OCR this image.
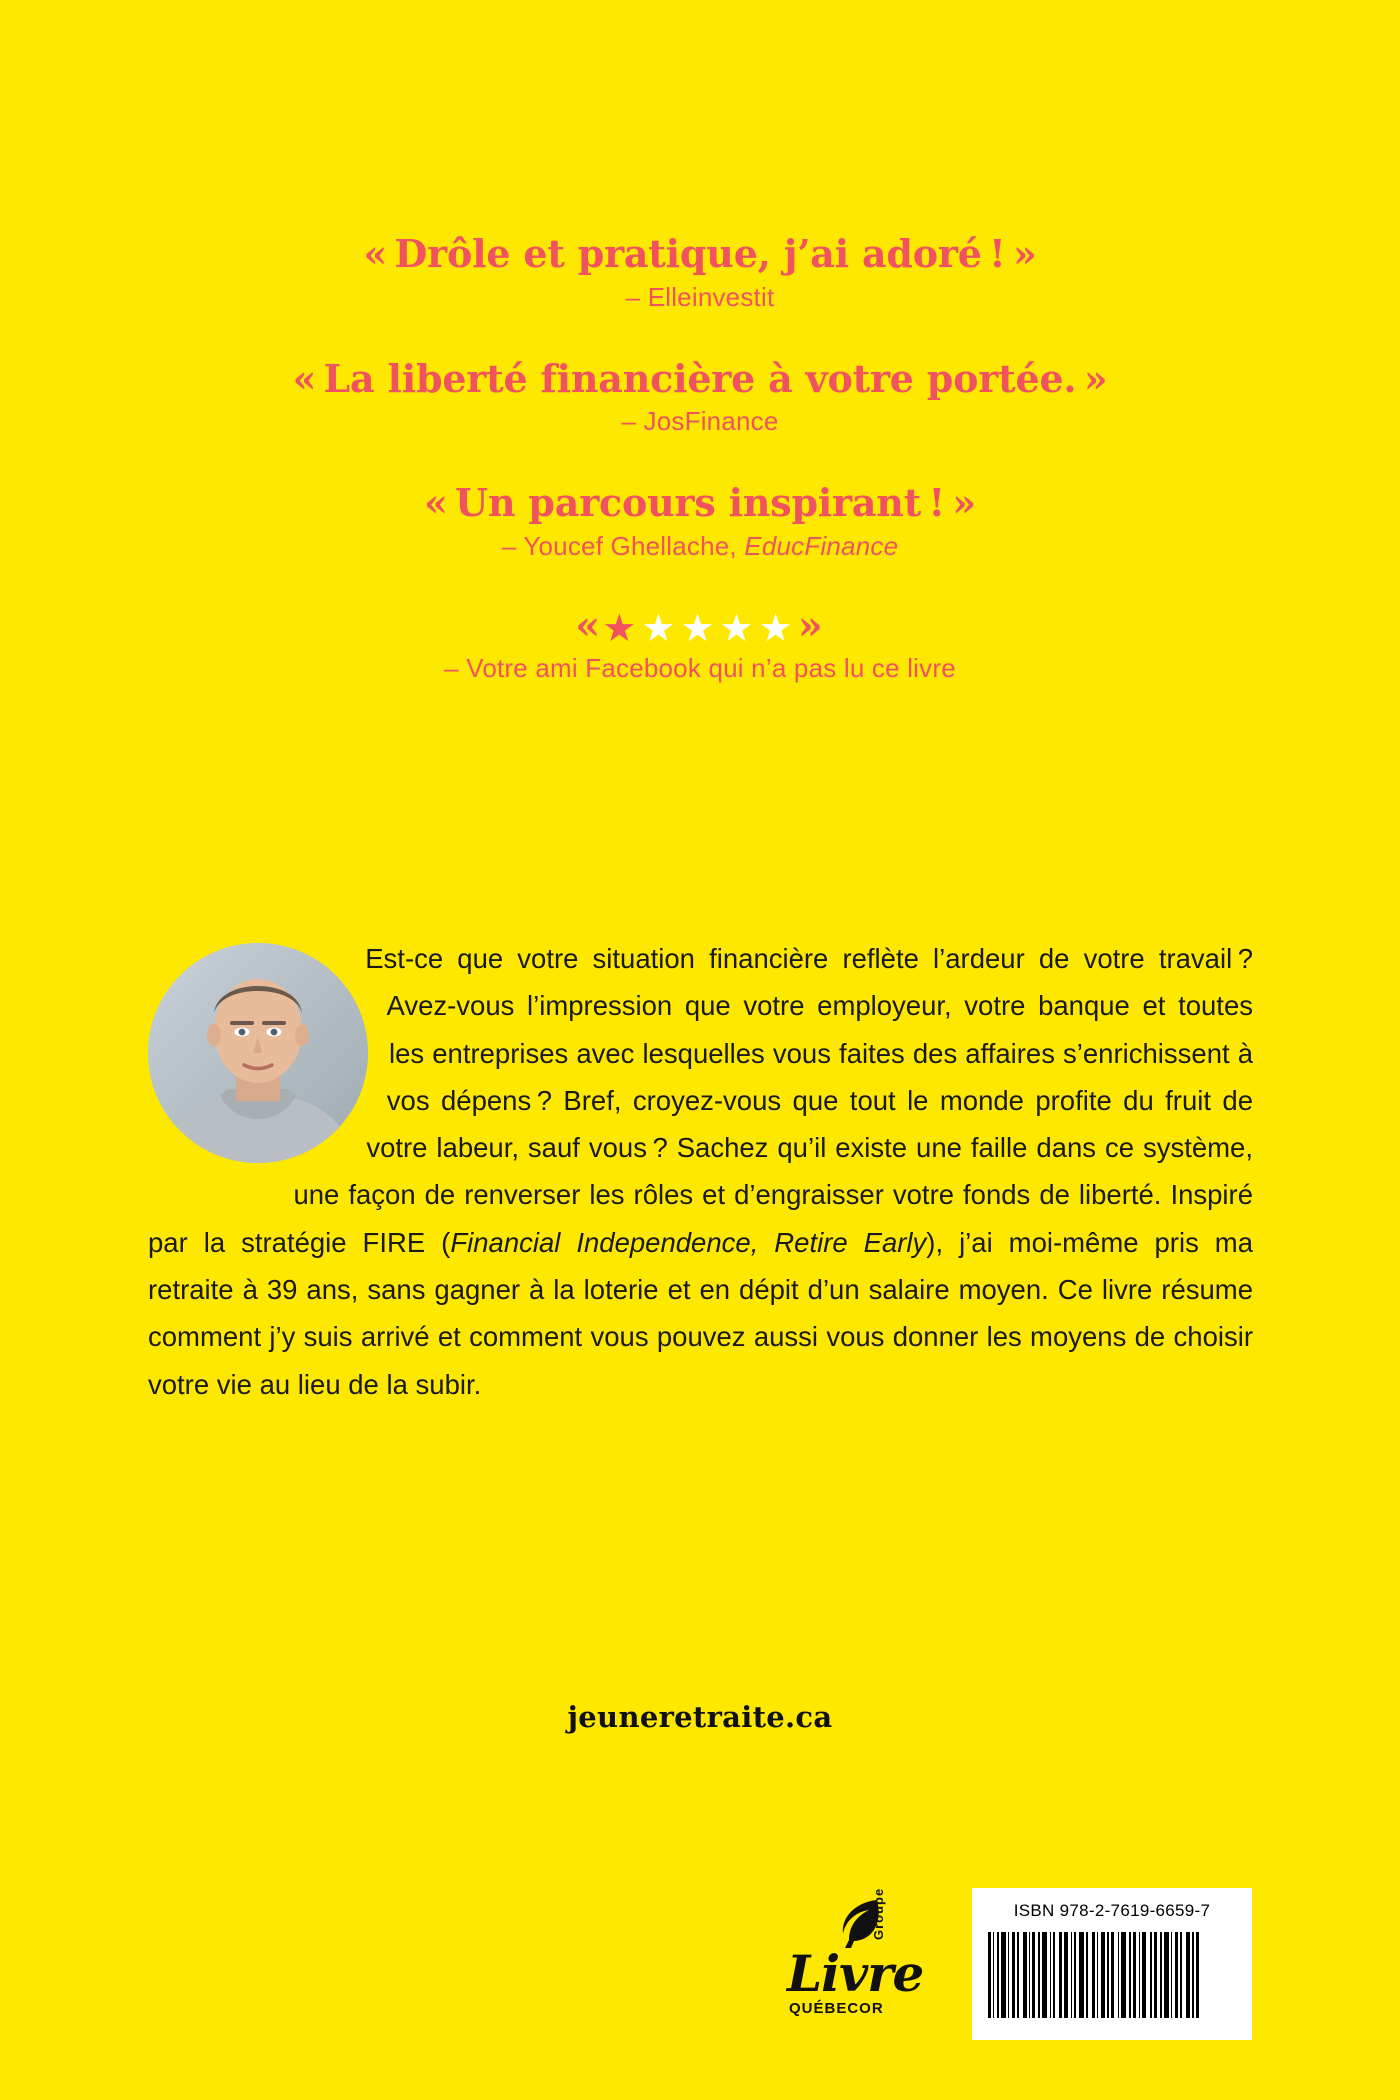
« Drôle et pratique, j’ai adoré ! »
– Elleinvestit
« La liberté financière à votre portée. »
– JosFinance
« Un parcours inspirant ! »
– Youcef Ghellache, EducFinance
«★★★★★»
– Votre ami Facebook qui n’a pas lu ce livre
Est-ce que votre situation financière reflète l’ardeur de votre travail ? Avez-vous l’impression que votre employeur, votre banque et toutes les entreprises avec lesquelles vous faites des affaires s’enrichissent à vos dépens ? Bref, croyez-vous que tout le monde profite du fruit de votre labeur, sauf vous ? Sachez qu’il existe une faille dans ce système, une façon de renverser les rôles et d’engraisser votre fonds de liberté. Inspiré par la stratégie FIRE (Financial Independence, Retire Early), j’ai moi-même pris ma retraite à 39 ans, sans gagner à la loterie et en dépit d’un salaire moyen. Ce livre résume comment j’y suis arrivé et comment vous pouvez aussi vous donner les moyens de choisir votre vie au lieu de la subir.
jeuneretraite.ca
Groupe
Livre
QUÉBECOR
ISBN 978-2-7619-6659-7
